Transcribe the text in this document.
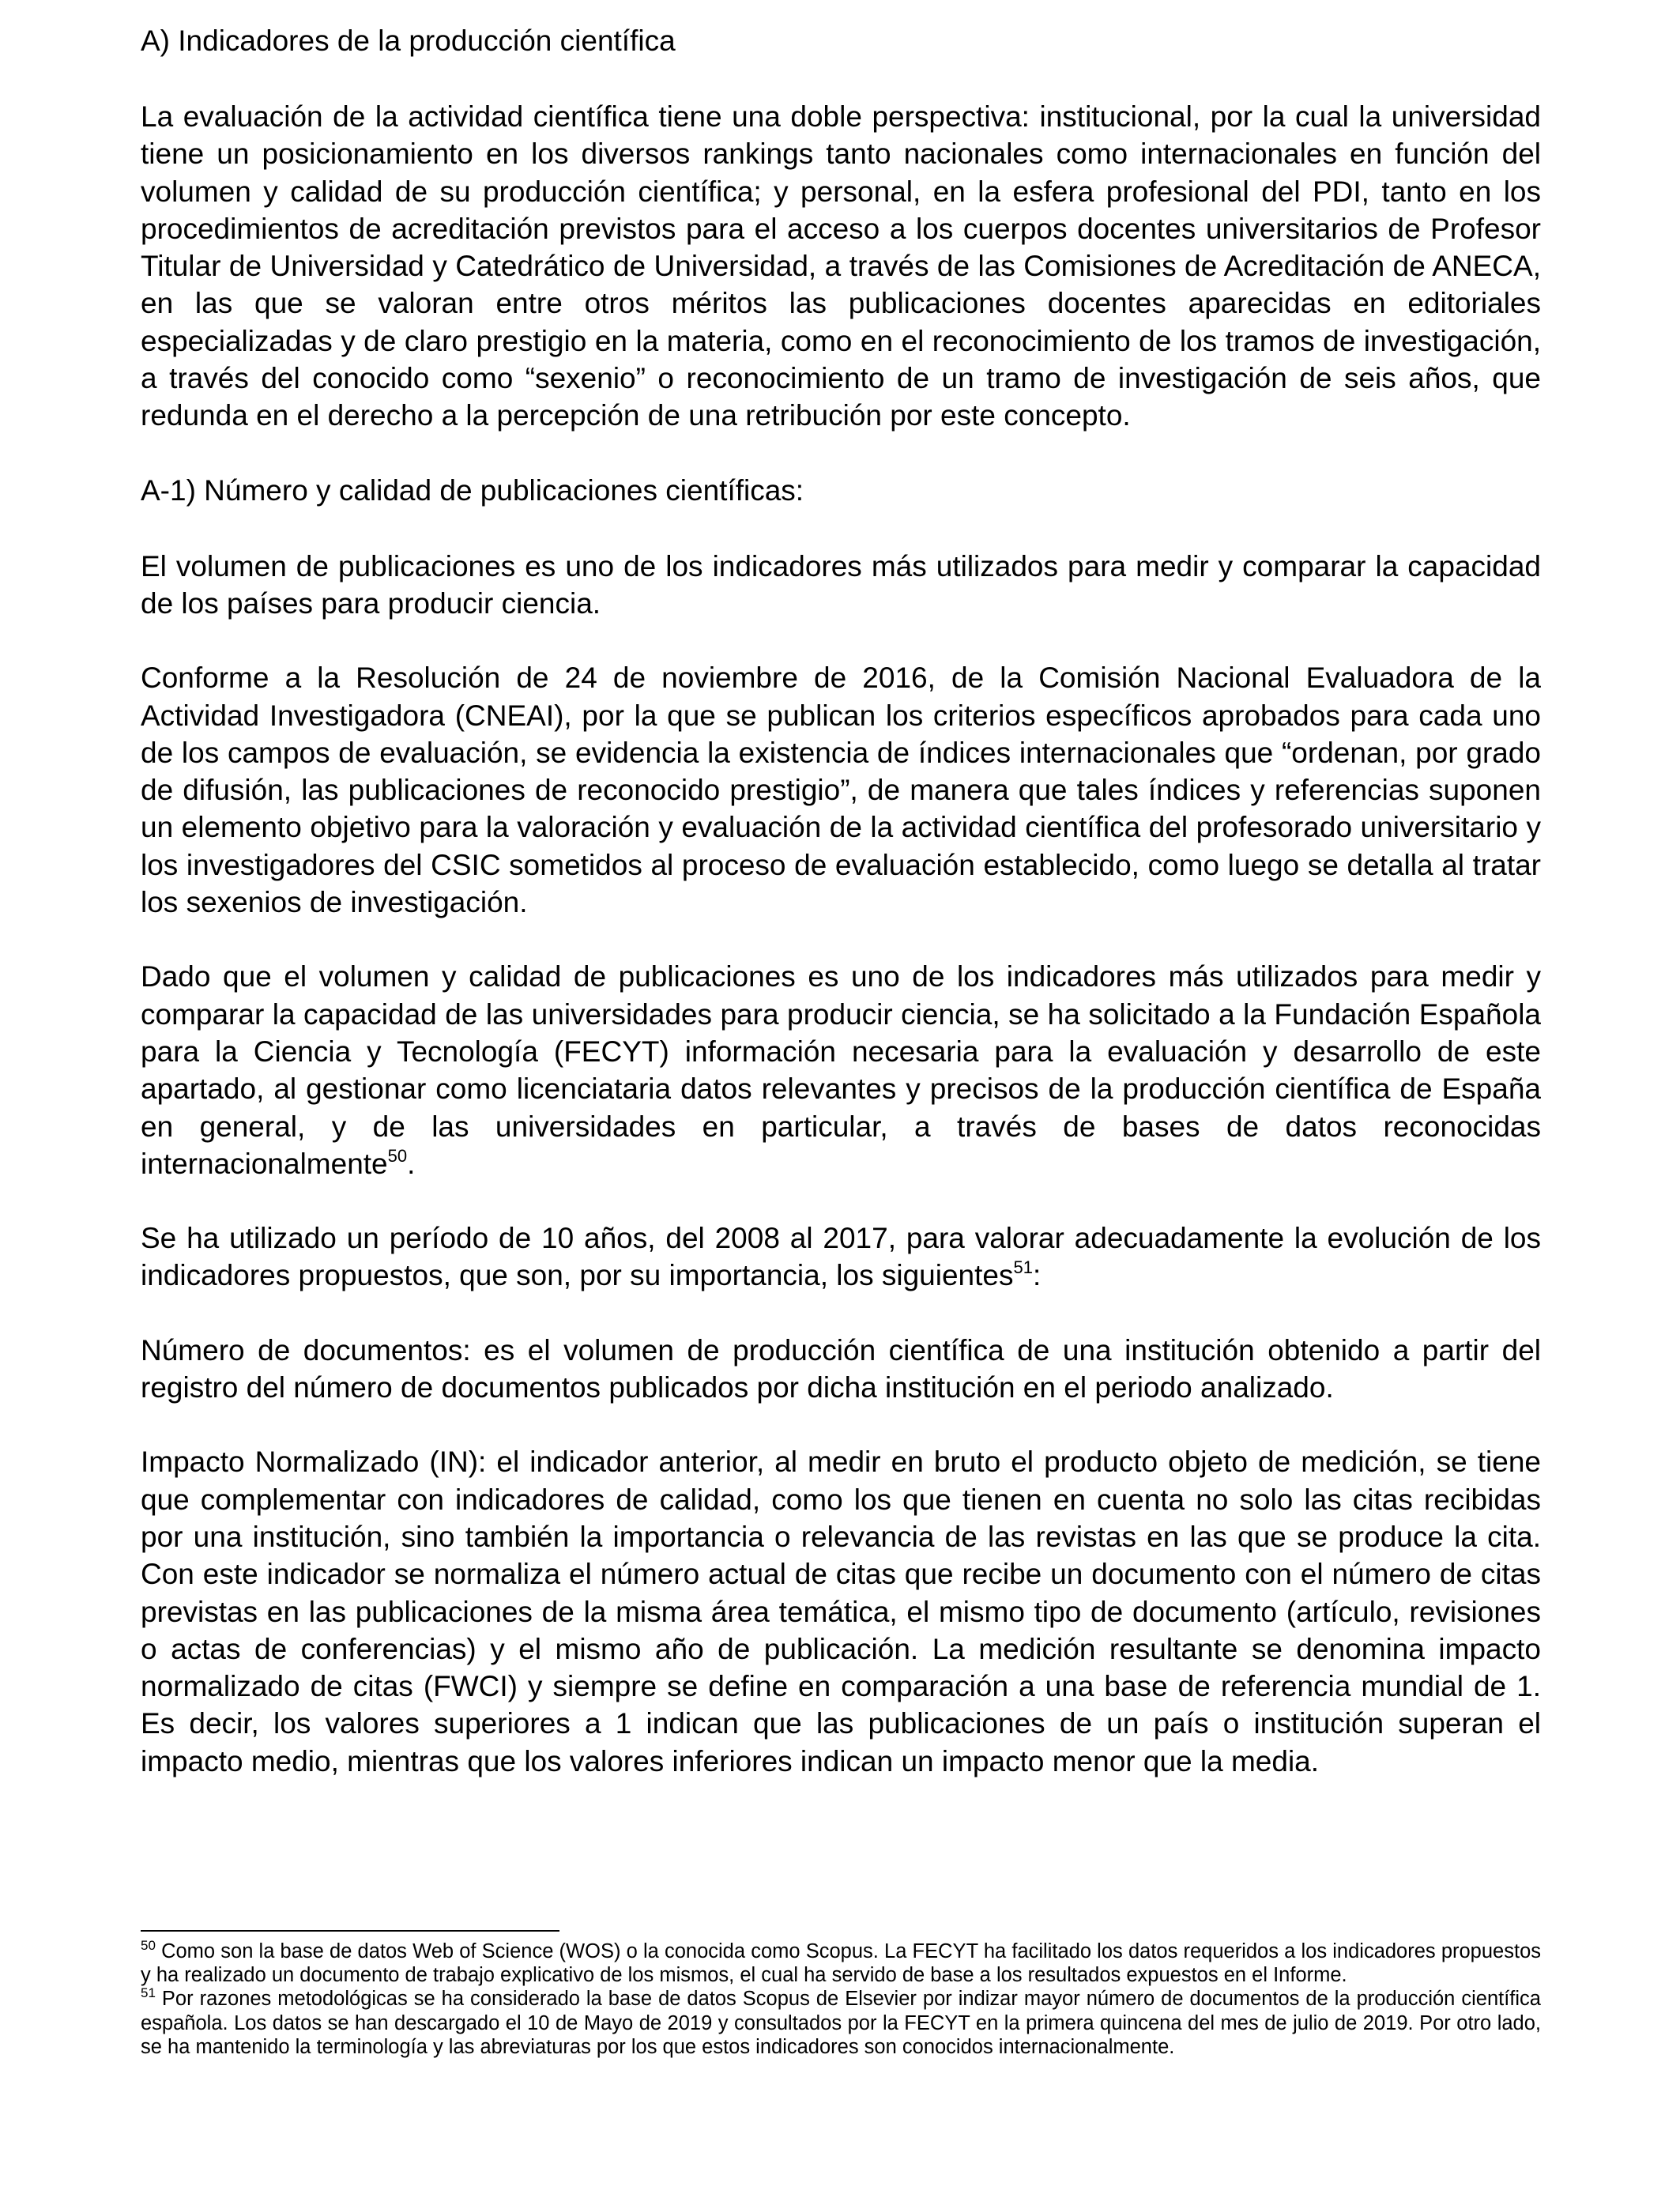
A) Indicadores de la producción científica

La evaluación de la actividad científica tiene una doble perspectiva: institucional, por la cual la universidad tiene un posicionamiento en los diversos rankings tanto nacionales como internacionales en función del volumen y calidad de su producción científica; y personal, en la esfera profesional del PDI, tanto en los procedimientos de acreditación previstos para el acceso a los cuerpos docentes universitarios de Profesor Titular de Universidad y Catedrático de Universidad, a través de las Comisiones de Acreditación de ANECA, en las que se valoran entre otros méritos las publicaciones docentes aparecidas en editoriales especializadas y de claro prestigio en la materia, como en el reconocimiento de los tramos de investigación, a través del conocido como “sexenio” o reconocimiento de un tramo de investigación de seis años, que redunda en el derecho a la percepción de una retribución por este concepto.

A-1) Número y calidad de publicaciones científicas:

El volumen de publicaciones es uno de los indicadores más utilizados para medir y comparar la capacidad de los países para producir ciencia.

Conforme a la Resolución de 24 de noviembre de 2016, de la Comisión Nacional Evaluadora de la Actividad Investigadora (CNEAI), por la que se publican los criterios específicos aprobados para cada uno de los campos de evaluación, se evidencia la existencia de índices internacionales que “ordenan, por grado de difusión, las publicaciones de reconocido prestigio”, de manera que tales índices y referencias suponen un elemento objetivo para la valoración y evaluación de la actividad científica del profesorado universitario y los investigadores del CSIC sometidos al proceso de evaluación establecido, como luego se detalla al tratar los sexenios de investigación.

Dado que el volumen y calidad de publicaciones es uno de los indicadores más utilizados para medir y comparar la capacidad de las universidades para producir ciencia, se ha solicitado a la Fundación Española para la Ciencia y Tecnología (FECYT) información necesaria para la evaluación y desarrollo de este apartado, al gestionar como licenciataria datos relevantes y precisos de la producción científica de España en general, y de las universidades en particular, a través de bases de datos reconocidas internacionalmente$^{50}$.

Se ha utilizado un período de 10 años, del 2008 al 2017, para valorar adecuadamente la evolución de los indicadores propuestos, que son, por su importancia, los siguientes$^{51}$:

Número de documentos: es el volumen de producción científica de una institución obtenido a partir del registro del número de documentos publicados por dicha institución en el periodo analizado.

Impacto Normalizado (IN): el indicador anterior, al medir en bruto el producto objeto de medición, se tiene que complementar con indicadores de calidad, como los que tienen en cuenta no solo las citas recibidas por una institución, sino también la importancia o relevancia de las revistas en las que se produce la cita. Con este indicador se normaliza el número actual de citas que recibe un documento con el número de citas previstas en las publicaciones de la misma área temática, el mismo tipo de documento (artículo, revisiones o actas de conferencias) y el mismo año de publicación. La medición resultante se denomina impacto normalizado de citas (FWCI) y siempre se define en comparación a una base de referencia mundial de 1. Es decir, los valores superiores a 1 indican que las publicaciones de un país o institución superan el impacto medio, mientras que los valores inferiores indican un impacto menor que la media.

$^{50}$ Como son la base de datos Web of Science (WOS) o la conocida como Scopus. La FECYT ha facilitado los datos requeridos a los indicadores propuestos y ha realizado un documento de trabajo explicativo de los mismos, el cual ha servido de base a los resultados expuestos en el Informe.

$^{51}$ Por razones metodológicas se ha considerado la base de datos Scopus de Elsevier por indizar mayor número de documentos de la producción científica española. Los datos se han descargado el 10 de Mayo de 2019 y consultados por la FECYT en la primera quincena del mes de julio de 2019. Por otro lado, se ha mantenido la terminología y las abreviaturas por los que estos indicadores son conocidos internacionalmente.
